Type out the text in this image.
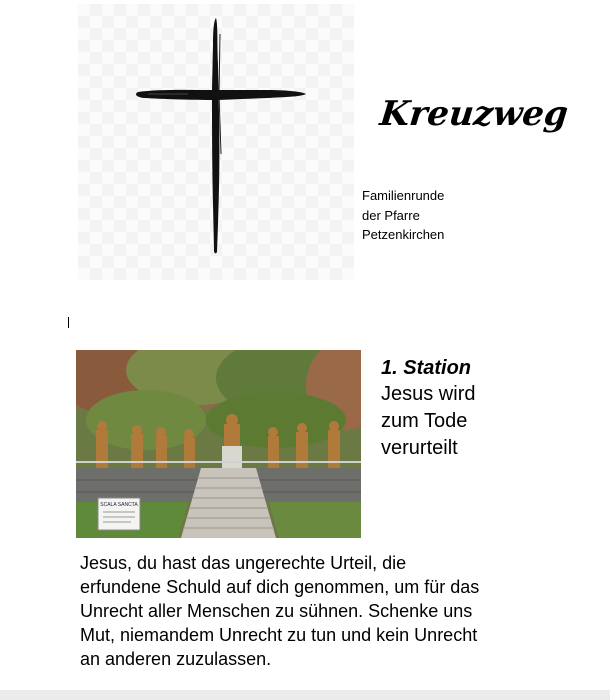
Kreuzweg
Familienrunde
der Pfarre
Petzenkirchen
SCALA SANCTA
1. Station
Jesus wird
zum Tode
verurteilt
Jesus, du hast das ungerechte Urteil, die
erfundene Schuld auf dich genommen, um für das
Unrecht aller Menschen zu sühnen. Schenke uns
Mut, niemandem Unrecht zu tun und kein Unrecht
an anderen zuzulassen.
